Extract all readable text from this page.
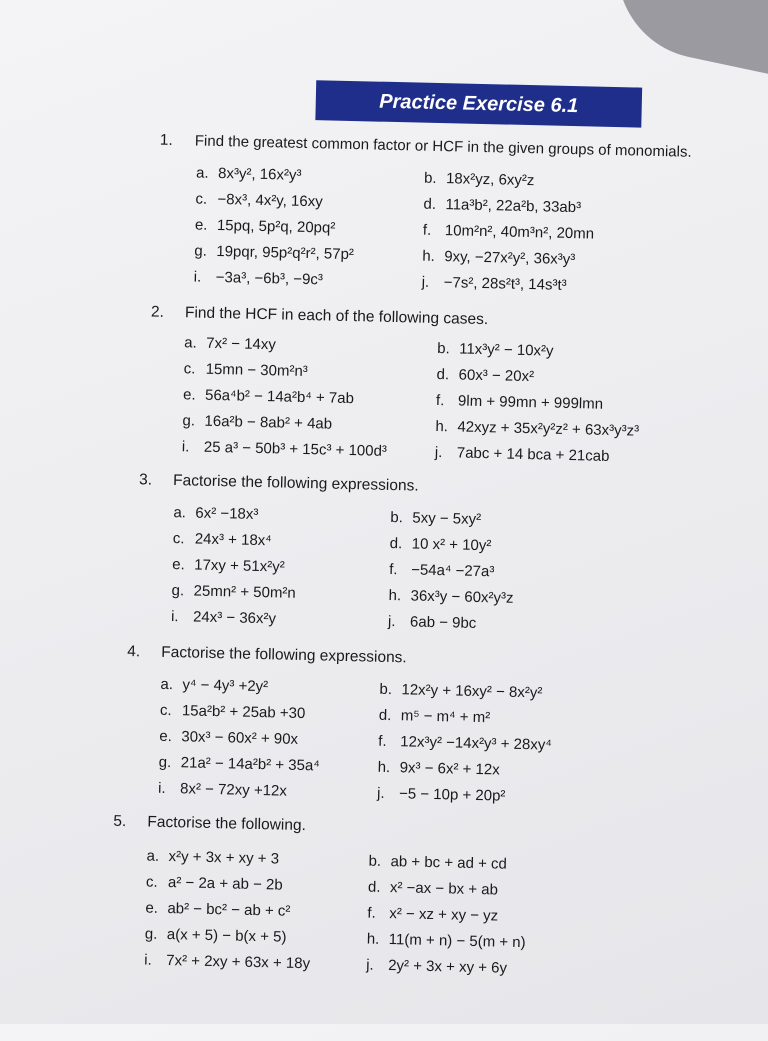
Practice Exercise 6.1
1. Find the greatest common factor or HCF in the given groups of monomials.
a. 8x³y², 16x²y³	b. 18x²yz, 6xy²z
c. −8x³, 4x²y, 16xy	d. 11a³b², 22a²b, 33ab³
e. 15pq, 5p²q, 20pq²	f. 10m²n², 40m³n², 20mn
g. 19pqr, 95p²q²r², 57p²	h. 9xy, −27x²y², 36x³y³
i. −3a³, −6b³, −9c³	j. −7s², 28s²t³, 14s³t³
2. Find the HCF in each of the following cases.
a. 7x² − 14xy	b. 11x³y² − 10x²y
c. 15mn − 30m²n³	d. 60x³ − 20x²
e. 56a⁴b² − 14a²b⁴ + 7ab	f. 9lm + 99mn + 999lmn
g. 16a²b − 8ab² + 4ab	h. 42xyz + 35x²y²z² + 63x³y³z³
i. 25 a³ − 50b³ + 15c³ + 100d³	j. 7abc + 14 bca + 21cab
3. Factorise the following expressions.
a. 6x² −18x³	b. 5xy − 5xy²
c. 24x³ + 18x⁴	d. 10 x² + 10y²
e. 17xy + 51x²y²	f. −54a⁴ −27a³
g. 25mn² + 50m²n	h. 36x³y − 60x²y³z
i. 24x³ − 36x²y	j. 6ab − 9bc
4. Factorise the following expressions.
a. y⁴ − 4y³ +2y²	b. 12x²y + 16xy² − 8x²y²
c. 15a²b² + 25ab +30	d. m⁵ − m⁴ + m²
e. 30x³ − 60x² + 90x	f. 12x³y² −14x²y³ + 28xy⁴
g. 21a² − 14a²b² + 35a⁴	h. 9x³ − 6x² + 12x
i. 8x² − 72xy +12x	j. −5 − 10p + 20p²
5. Factorise the following.
a. x²y + 3x + xy + 3	b. ab + bc + ad + cd
c. a² − 2a + ab − 2b	d. x² −ax − bx + ab
e. ab² − bc² − ab + c²	f. x² − xz + xy − yz
g. a(x + 5) − b(x + 5)	h. 11(m + n) − 5(m + n)
i. 7x² + 2xy + 63x + 18y	j. 2y² + 3x + xy + 6y
